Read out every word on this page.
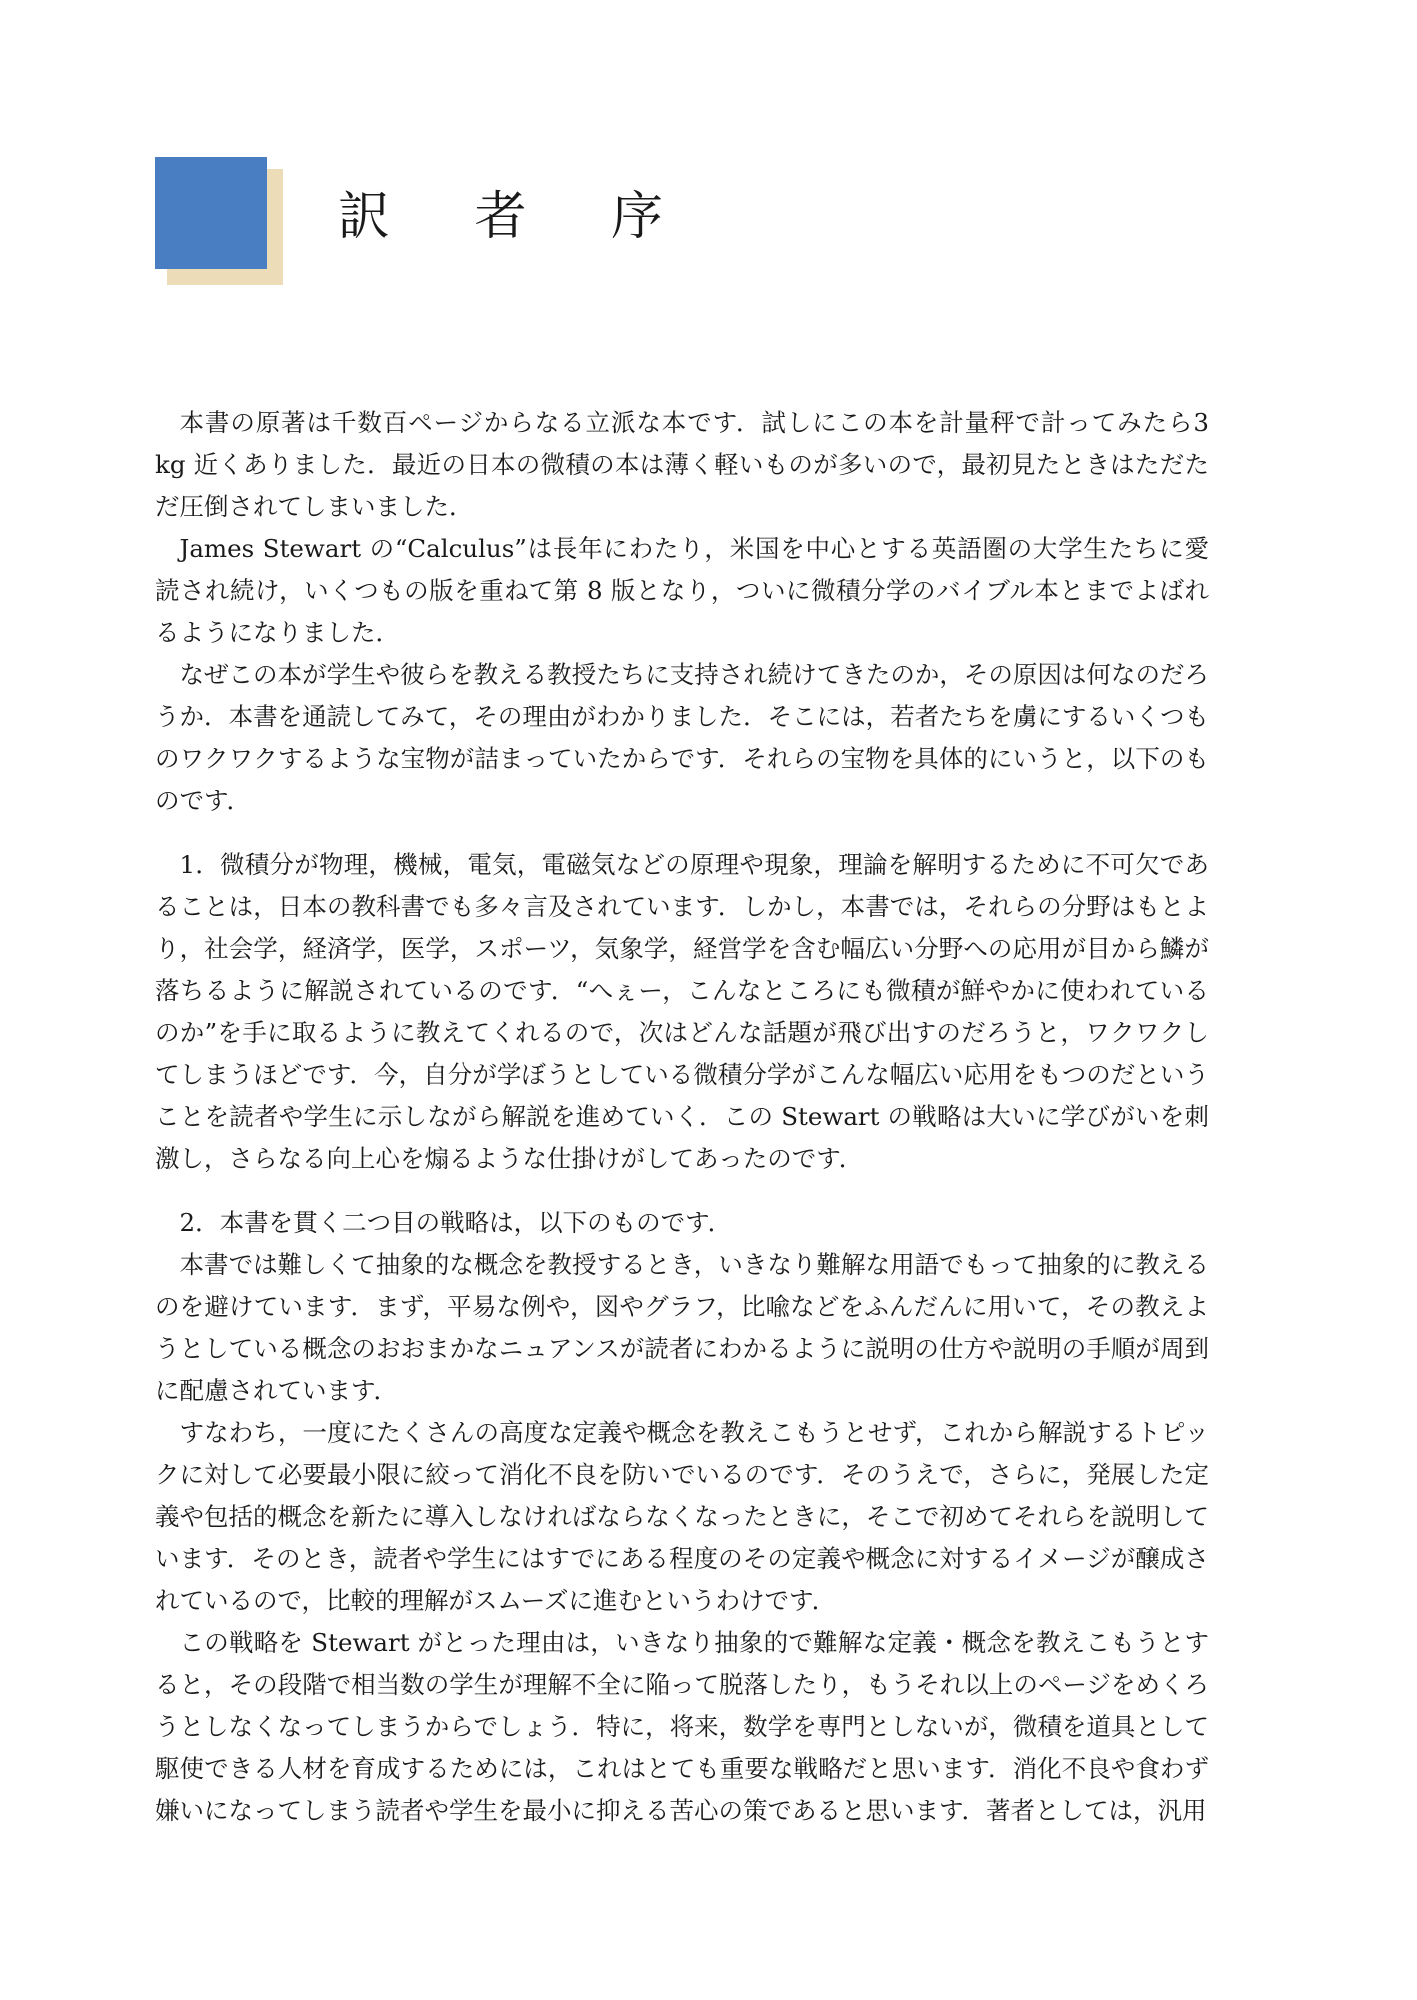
訳 者 序

本書の原著は千数百ページからなる立派な本です．試しにこの本を計量秤で計ってみたら3 kg 近くありました．最近の日本の微積の本は薄く軽いものが多いので，最初見たときはただただ圧倒されてしまいました．

James Stewart の“Calculus”は長年にわたり，米国を中心とする英語圏の大学生たちに愛読され続け，いくつもの版を重ねて第 8 版となり，ついに微積分学のバイブル本とまでよばれるようになりました．

なぜこの本が学生や彼らを教える教授たちに支持され続けてきたのか，その原因は何なのだろうか．本書を通読してみて，その理由がわかりました．そこには，若者たちを虜にするいくつものワクワクするような宝物が詰まっていたからです．それらの宝物を具体的にいうと，以下のものです．

1．微積分が物理，機械，電気，電磁気などの原理や現象，理論を解明するために不可欠であることは，日本の教科書でも多々言及されています．しかし，本書では，それらの分野はもとより，社会学，経済学，医学，スポーツ，気象学，経営学を含む幅広い分野への応用が目から鱗が落ちるように解説されているのです．“へぇー，こんなところにも微積が鮮やかに使われているのか”を手に取るように教えてくれるので，次はどんな話題が飛び出すのだろうと，ワクワクしてしまうほどです．今，自分が学ぼうとしている微積分学がこんな幅広い応用をもつのだということを読者や学生に示しながら解説を進めていく．この Stewart の戦略は大いに学びがいを刺激し，さらなる向上心を煽るような仕掛けがしてあったのです．

2．本書を貫く二つ目の戦略は，以下のものです．

本書では難しくて抽象的な概念を教授するとき，いきなり難解な用語でもって抽象的に教えるのを避けています．まず，平易な例や，図やグラフ，比喩などをふんだんに用いて，その教えようとしている概念のおおまかなニュアンスが読者にわかるように説明の仕方や説明の手順が周到に配慮されています．

すなわち，一度にたくさんの高度な定義や概念を教えこもうとせず，これから解説するトピックに対して必要最小限に絞って消化不良を防いでいるのです．そのうえで，さらに，発展した定義や包括的概念を新たに導入しなければならなくなったときに，そこで初めてそれらを説明しています．そのとき，読者や学生にはすでにある程度のその定義や概念に対するイメージが醸成されているので，比較的理解がスムーズに進むというわけです．

この戦略を Stewart がとった理由は，いきなり抽象的で難解な定義・概念を教えこもうとすると，その段階で相当数の学生が理解不全に陥って脱落したり，もうそれ以上のページをめくろうとしなくなってしまうからでしょう．特に，将来，数学を専門としないが，微積を道具として駆使できる人材を育成するためには，これはとても重要な戦略だと思います．消化不良や食わず嫌いになってしまう読者や学生を最小に抑える苦心の策であると思います．著者としては，汎用
